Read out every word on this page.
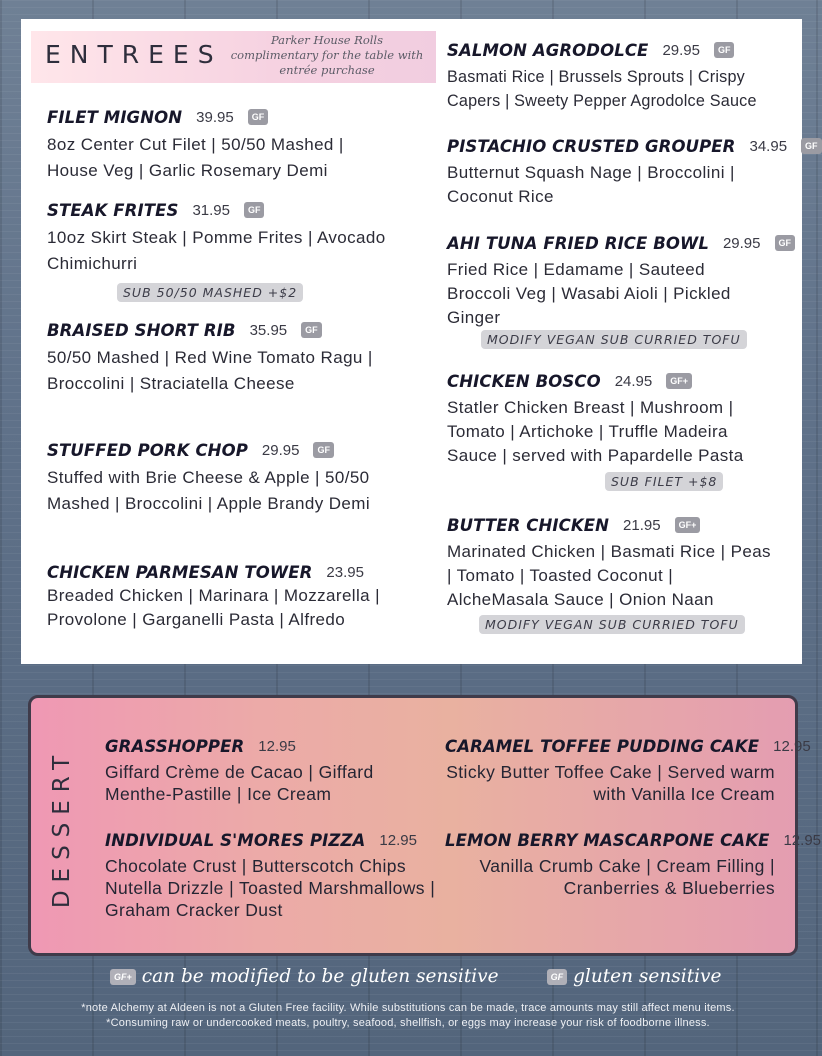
ENTREES	Parker House Rolls complimentary for the table with entrée purchase
FILET MIGNON 39.95	GF
8oz Center Cut Filet | 50/50 Mashed | House Veg | Garlic Rosemary Demi
STEAK FRITES 31.95	GF
10oz Skirt Steak | Pomme Frites | Avocado Chimichurri
SUB 50/50 MASHED +$2
BRAISED SHORT RIB 35.95	GF
50/50 Mashed | Red Wine Tomato Ragu | Broccolini | Straciatella Cheese
STUFFED PORK CHOP 29.95	GF
Stuffed with Brie Cheese & Apple | 50/50 Mashed | Broccolini | Apple Brandy Demi
CHICKEN PARMESAN TOWER 23.95
Breaded Chicken | Marinara | Mozzarella | Provolone | Garganelli Pasta | Alfredo
SALMON AGRODOLCE 29.95	GF
Basmati Rice | Brussels Sprouts | Crispy Capers | Sweety Pepper Agrodolce Sauce
PISTACHIO CRUSTED GROUPER 34.95	GF
Butternut Squash Nage | Broccolini | Coconut Rice
AHI TUNA FRIED RICE BOWL 29.95	GF
Fried Rice | Edamame | Sauteed Broccoli Veg | Wasabi Aioli | Pickled Ginger
MODIFY VEGAN SUB CURRIED TOFU
CHICKEN BOSCO 24.95	GF+
Statler Chicken Breast | Mushroom | Tomato | Artichoke | Truffle Madeira Sauce | served with Papardelle Pasta
SUB FILET +$8
BUTTER CHICKEN 21.95	GF+
Marinated Chicken | Basmati Rice | Peas | Tomato | Toasted Coconut | AlcheMasala Sauce | Onion Naan
MODIFY VEGAN SUB CURRIED TOFU
DESSERT
GRASSHOPPER 12.95
Giffard Crème de Cacao | Giffard Menthe-Pastille | Ice Cream
CARAMEL TOFFEE PUDDING CAKE 12.95
Sticky Butter Toffee Cake | Served warm with Vanilla Ice Cream
INDIVIDUAL S'MORES PIZZA 12.95
Chocolate Crust | Butterscotch Chips Nutella Drizzle | Toasted Marshmallows | Graham Cracker Dust
LEMON BERRY MASCARPONE CAKE 12.95
Vanilla Crumb Cake | Cream Filling | Cranberries & Blueberries
GF+ can be modified to be gluten sensitive	GF gluten sensitive
*note Alchemy at Aldeen is not a Gluten Free facility. While substitutions can be made, trace amounts may still affect menu items.
*Consuming raw or undercooked meats, poultry, seafood, shellfish, or eggs may increase your risk of foodborne illness.
